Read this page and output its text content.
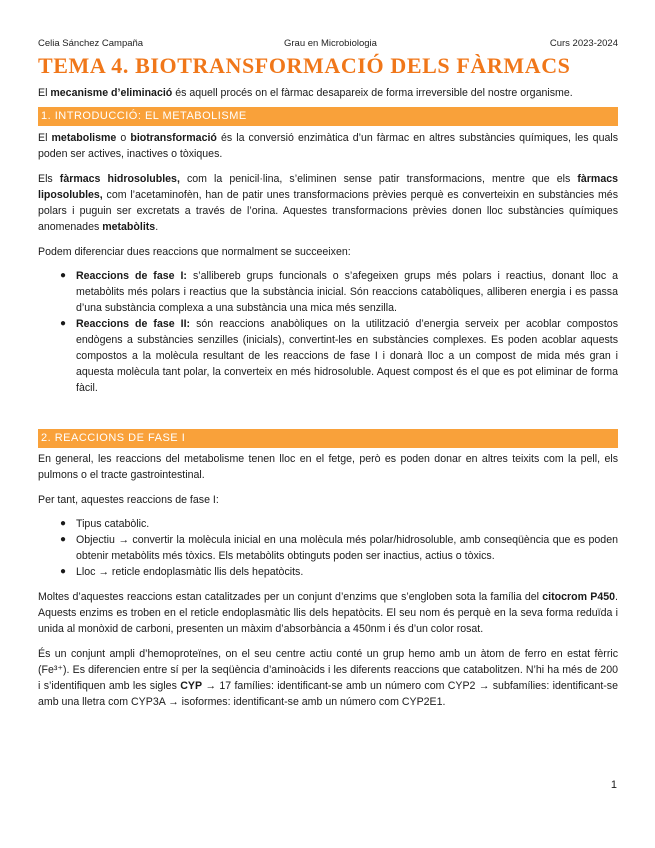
Celia Sánchez Campaña	Grau en Microbiologia	Curs 2023-2024
TEMA 4. BIOTRANSFORMACIÓ DELS FÀRMACS

El mecanisme d’eliminació és aquell procés on el fàrmac desapareix de forma irreversible del nostre organisme.

1. INTRODUCCIÓ: EL METABOLISME

El metabolisme o biotransformació és la conversió enzimàtica d’un fàrmac en altres substàncies químiques, les quals poden ser actives, inactives o tòxiques.

Els fàrmacs hidrosolubles, com la penicil·lina, s’eliminen sense patir transformacions, mentre que els fàrmacs liposolubles, com l’acetaminofèn, han de patir unes transformacions prèvies perquè es converteixin en substàncies més polars i puguin ser excretats a través de l’orina. Aquestes transformacions prèvies donen lloc substàncies químiques anomenades metabòlits.

Podem diferenciar dues reaccions que normalment se succeeixen:

● Reaccions de fase I: s’allibereb grups funcionals o s’afegeixen grups més polars i reactius, donant lloc a metabòlits més polars i reactius que la substància inicial. Són reaccions catabòliques, alliberen energia i es passa d’una substància complexa a una substància una mica més senzilla.
● Reaccions de fase II: són reaccions anabòliques on la utilització d’energia serveix per acoblar compostos endògens a substàncies senzilles (inicials), convertint-les en substàncies complexes. Es poden acoblar aquests compostos a la molècula resultant de les reaccions de fase I i donarà lloc a un compost de mida més gran i aquesta molècula tant polar, la converteix en més hidrosoluble. Aquest compost és el que es pot eliminar de forma fàcil.
2. REACCIONS DE FASE I

En general, les reaccions del metabolisme tenen lloc en el fetge, però es poden donar en altres teixits com la pell, els pulmons o el tracte gastrointestinal.

Per tant, aquestes reaccions de fase I:

● Tipus catabòlic.
● Objectiu → convertir la molècula inicial en una molècula més polar/hidrosoluble, amb conseqüència que es poden obtenir metabòlits més tòxics. Els metabòlits obtinguts poden ser inactius, actius o tòxics.
● Lloc → reticle endoplasmàtic llis dels hepatòcits.

Moltes d’aquestes reaccions estan catalitzades per un conjunt d’enzims que s’engloben sota la família del citocrom P450. Aquests enzims es troben en el reticle endoplasmàtic llis dels hepatòcits. El seu nom és perquè en la seva forma reduïda i unida al monòxid de carboni, presenten un màxim d’absorbància a 450nm i és d’un color rosat.

És un conjunt ampli d’hemoproteïnes, on el seu centre actiu conté un grup hemo amb un àtom de ferro en estat fèrric (Fe³⁺). Es diferencien entre sí per la seqüència d’aminoàcids i les diferents reaccions que catabolitzen. N’hi ha més de 200 i s’identifiquen amb les sigles CYP → 17 famílies: identificant-se amb un número com CYP2 → subfamílies: identificant-se amb una lletra com CYP3A → isoformes: identificant-se amb un número com CYP2E1.

1
